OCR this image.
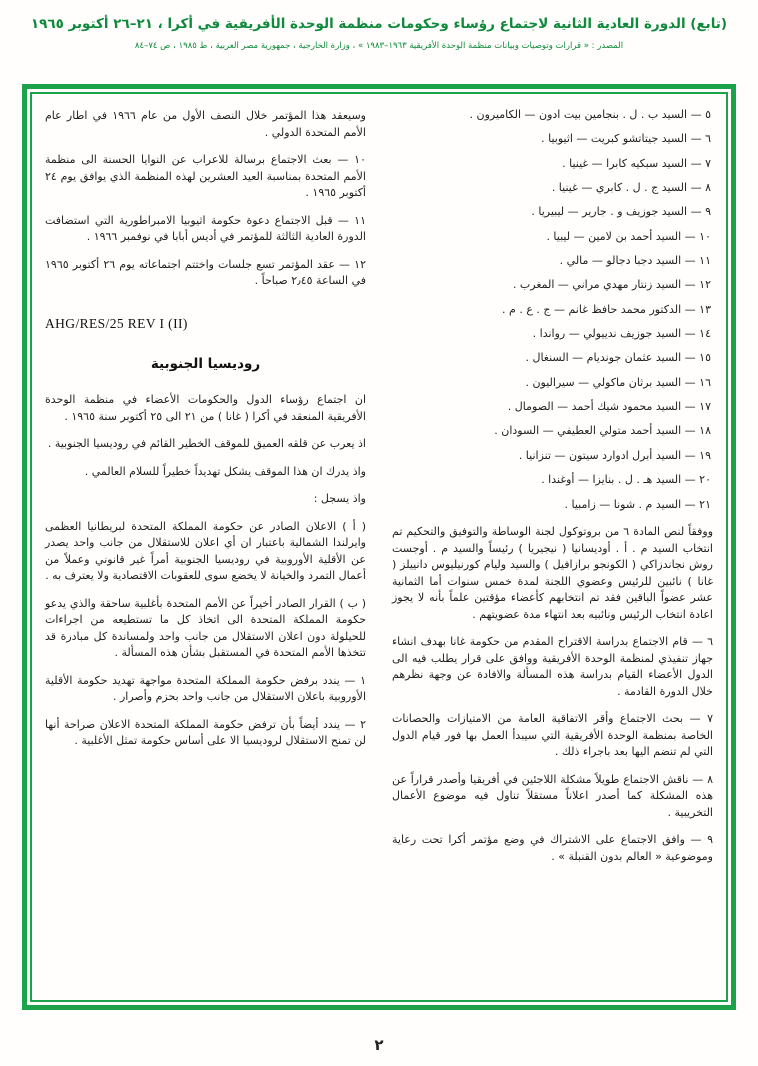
(تابع) الدورة العادية الثانية لاجتماع رؤساء وحكومات منظمة الوحدة الأفريقية في أكرا ، ٢١–٢٦ أكتوبر ١٩٦٥
المصدر : « قرارات وتوصيات وبيانات منظمة الوحدة الأفريقية ١٩٦٣–١٩٨٣ » ، وزارة الخارجية ، جمهورية مصر العربية ، ط ١٩٨٥ ، ص ٧٤–٨٤

٥ — السيد ب . ل . بنجامين بيت ادون — الكاميرون .

٦ — السيد جيتاتشو كبريت — اثيوبيا .

٧ — السيد سبكيه كابرا — غينيا .

٨ — السيد ج . ل . كابري — غينيا .

٩ — السيد جوزيف و . جارير — ليبيريا .

١٠ — السيد أحمد بن لامين — ليبيا .

١١ — السيد دجبا دجالو — مالي .

١٢ — السيد زنتار مهدي مراني — المغرب .

١٣ — الدكتور محمد حافظ غانم — ج . ع . م .

١٤ — السيد جوزيف ندييولي — رواندا .

١٥ — السيد عثمان جونديام — السنغال .

١٦ — السيد برثان ماكولي — سيراليون .

١٧ — السيد محمود شيك أحمد — الصومال .

١٨ — السيد أحمد متولي العطيفي — السودان .

١٩ — السيد أبرل ادوارد سيتون — تنزانيا .

٢٠ — السيد هـ . ل . بنايزا — أوغندا .

٢١ — السيد م . شونا — زامبيا .

ووفقاً لنص المادة ٦ من بروتوكول لجنة الوساطة والتوفيق والتحكيم تم انتخاب السيد م . أ . أوديسانيا ( نيجيريا ) رئيساً والسيد م . أوجست روش نجاندزاكي ( الكونجو برازافيل ) والسيد وليام كورنيليوس دانييلز ( غانا ) نائبين للرئيس وعضوي اللجنة لمدة خمس سنوات أما الثمانية عشر عضواً الباقين فقد تم انتخابهم كأعضاء مؤقتين علماً بأنه لا يجوز اعادة انتخاب الرئيس ونائبيه بعد انتهاء مدة عضويتهم .

٦ — قام الاجتماع بدراسة الاقتراح المقدم من حكومة غانا بهدف انشاء جهاز تنفيذي لمنظمة الوحدة الأفريقية ووافق على قرار يطلب فيه الى الدول الأعضاء القيام بدراسة هذه المسألة والافادة عن وجهة نظرهم خلال الدورة القادمة .

٧ — بحث الاجتماع وأقر الاتفاقية العامة من الامتيازات والحصانات الخاصة بمنظمة الوحدة الأفريقية التي سيبدأ العمل بها فور قيام الدول التي لم تنضم اليها بعد باجراء ذلك .

٨ — ناقش الاجتماع طويلاً مشكلة اللاجئين في أفريقيا وأصدر قراراً عن هذه المشكلة كما أصدر اعلاناً مستقلاً تناول فيه موضوع الأعمال التخريبية .

٩ — وافق الاجتماع على الاشتراك في وضع مؤتمر أكرا تحت رعاية وموضوعية « العالم بدون القنبلة » .

وسيعقد هذا المؤتمر خلال النصف الأول من عام ١٩٦٦ في اطار عام الأمم المتحدة الدولي .

١٠ — بعث الاجتماع برسالة للاعراب عن النوايا الحسنة الى منظمة الأمم المتحدة بمناسبة العيد العشرين لهذه المنظمة الذي يوافق يوم ٢٤ أكتوبر ١٩٦٥ .

١١ — قبل الاجتماع دعوة حكومة اثيوبيا الامبراطورية التي استضافت الدورة العادية الثالثة للمؤتمر في أديس أبابا في نوفمبر ١٩٦٦ .

١٢ — عقد المؤتمر تسع جلسات واختتم اجتماعاته يوم ٢٦ أكتوبر ١٩٦٥ في الساعة ٢٫٤٥ صباحاً .

AHG/RES/25 REV I (II)
روديسيا الجنوبية

ان اجتماع رؤساء الدول والحكومات الأعضاء في منظمة الوحدة الأفريقية المنعقد في أكرا ( غانا ) من ٢١ الى ٢٥ أكتوبر سنة ١٩٦٥ .

اذ يعرب عن قلقه العميق للموقف الخطير القائم في روديسيا الجنوبية .

واذ يدرك ان هذا الموقف يشكل تهديداً خطيراً للسلام العالمي .

واذ يسجل :

( أ ) الاعلان الصادر عن حكومة المملكة المتحدة لبريطانيا العظمى وايرلندا الشمالية باعتبار ان أي اعلان للاستقلال من جانب واحد يصدر عن الأقلية الأوروبية في روديسيا الجنوبية أمراً غير قانوني وعملاً من أعمال التمرد والخيانة لا يخضع سوى للعقوبات الاقتصادية ولا يعترف به .

( ب ) القرار الصادر أخيراً عن الأمم المتحدة بأغلبية ساحقة والذي يدعو حكومة المملكة المتحدة الى اتخاذ كل ما تستطيعه من اجراءات للحيلولة دون اعلان الاستقلال من جانب واحد ولمساندة كل مبادرة قد تتخذها الأمم المتحدة في المستقبل بشأن هذه المسألة .

١ — يندد برفض حكومة المملكة المتحدة مواجهة تهديد حكومة الأقلية الأوروبية باعلان الاستقلال من جانب واحد بحزم وأصرار .

٢ — يندد أيضاً بأن ترفض حكومة المملكة المتحدة الاعلان صراحة أنها لن تمنح الاستقلال لروديسيا الا على أساس حكومة تمثل الأغلبية .

٢
